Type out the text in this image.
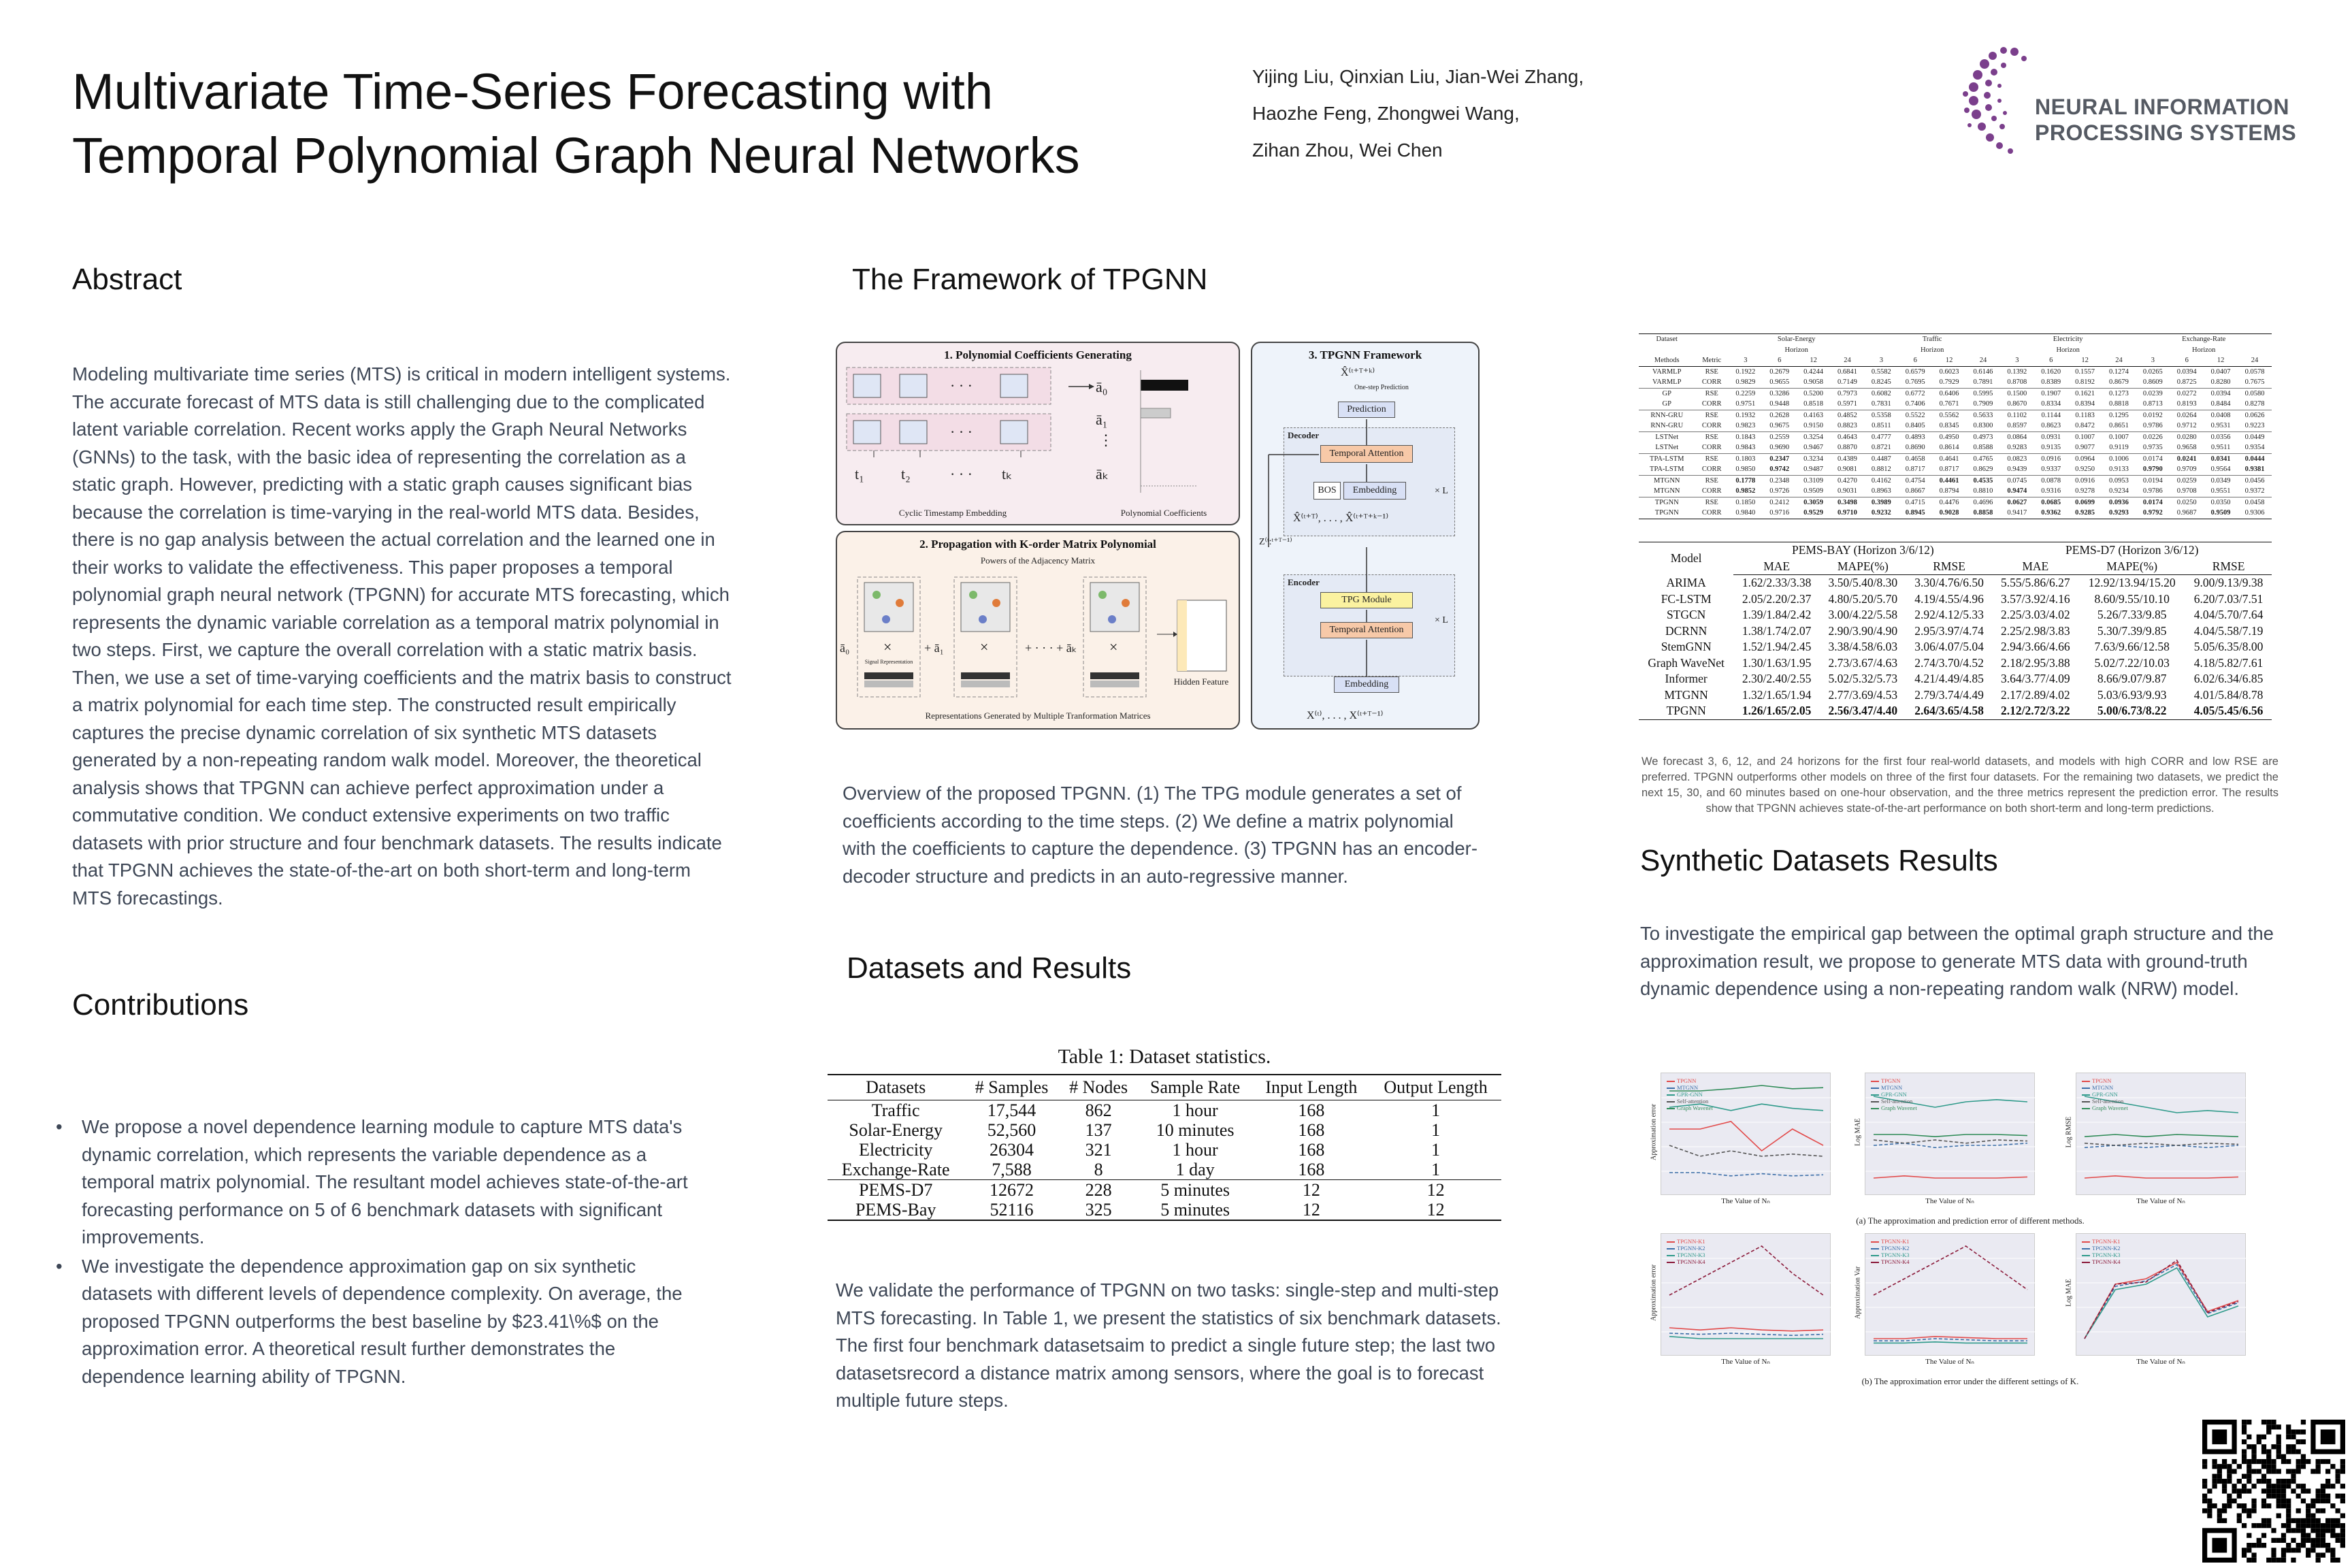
Multivariate Time-Series Forecasting with
Temporal Polynomial Graph Neural Networks
Yijing Liu, Qinxian Liu, Jian-Wei Zhang,
Haozhe Feng, Zhongwei Wang,
Zihan Zhou, Wei Chen
NEURAL INFORMATION
PROCESSING SYSTEMS
Abstract
Modeling multivariate time series (MTS) is critical in modern intelligent systems. The accurate forecast of MTS data is still challenging due to the complicated latent variable correlation. Recent works apply the Graph Neural Networks (GNNs) to the task, with the basic idea of representing the correlation as a static graph. However, predicting with a static graph causes significant bias because the correlation is time-varying in the real-world MTS data. Besides, there is no gap analysis between the actual correlation and the learned one in their works to validate the effectiveness. This paper proposes a temporal polynomial graph neural network (TPGNN) for accurate MTS forecasting, which represents the dynamic variable correlation as a temporal matrix polynomial in two steps. First, we capture the overall correlation with a static matrix basis. Then, we use a set of time-varying coefficients and the matrix basis to construct a matrix polynomial for each time step. The constructed result empirically captures the precise dynamic correlation of six synthetic MTS datasets generated by a non-repeating random walk model. Moreover, the theoretical analysis shows that TPGNN can achieve perfect approximation under a commutative condition. We conduct extensive experiments on two traffic datasets with prior structure and four benchmark datasets. The results indicate that TPGNN achieves the state-of-the-art on both short-term and long-term MTS forecastings.
Contributions
• We propose a novel dependence learning module to capture MTS data's dynamic correlation, which represents the variable dependence as a temporal matrix polynomial. The resultant model achieves state-of-the-art forecasting performance on 5 of 6 benchmark datasets with significant improvements.
• We investigate the dependence approximation gap on six synthetic datasets with different levels of dependence complexity. On average, the proposed TPGNN outperforms the best baseline by $23.41\%$ on the approximation error. A theoretical result further demonstrates the dependence learning ability of TPGNN.
The Framework of TPGNN
1. Polynomial Coefficients Generating
· · ·
· · ·
t₁ t₂	· · · tₖ
ā₀
ā₁
⋮
āₖ
Cyclic Timestamp Embedding	Polynomial Coefficients
2. Propagation with K-order Matrix Polynomial
Powers of the Adjacency Matrix
×	×	×
ā₀	+ ā₁	+ · · · + āₖ
Signal Representation
Hidden Feature
Representations Generated by Multiple Tranformation Matrices
3. TPGNN Framework
One-step Prediction
Prediction
Decoder
Temporal Attention
BOS	Embedding	× L
Encoder
TPG Module
Temporal Attention
× L
Embedding
X̂⁽ᵗ⁺ᵀ⁺ᵏ⁾
X̂⁽ᵗ⁺ᵀ⁾, . . . , X̂⁽ᵗ⁺ᵀ⁺ᵏ⁻¹⁾
X⁽ᵗ⁾, . . . , X⁽ᵗ⁺ᵀ⁻¹⁾
Z⁽ᵗ:ᵗ⁺ᵀ⁻¹⁾
Overview of the proposed TPGNN. (1) The TPG module generates a set of coefficients according to the time steps. (2) We define a matrix polynomial with the coefficients to capture the dependence. (3) TPGNN has an encoder-decoder structure and predicts in an auto-regressive manner.
Datasets and Results
Table 1: Dataset statistics.
Datasets	# Samples	# Nodes	Sample Rate	Input Length	Output Length
Traffic	17,544	862	1 hour	168	1
Solar-Energy	52,560	137	10 minutes	168	1
Electricity	26304	321	1 hour	168	1
Exchange-Rate	7,588	8	1 day	168	1
PEMS-D7	12672	228	5 minutes	12	12
PEMS-Bay	52116	325	5 minutes	12	12
We validate the performance of TPGNN on two tasks: single-step and multi-step MTS forecasting. In Table 1, we present the statistics of six benchmark datasets. The first four benchmark datasetsaim to predict a single future step; the last two datasetsrecord a distance matrix among sensors, where the goal is to forecast multiple future steps.
Dataset		Solar-Energy				Traffic				Electricity				Exchange-Rate			
		Horizon				Horizon				Horizon				Horizon			
Methods	Metric	3	6	12	24	3	6	12	24	3	6	12	24	3	6	12	24
VARMLP	RSE	0.1922	0.2679	0.4244	0.6841	0.5582	0.6579	0.6023	0.6146	0.1392	0.1620	0.1557	0.1274	0.0265	0.0394	0.0407	0.0578
VARMLP	CORR	0.9829	0.9655	0.9058	0.7149	0.8245	0.7695	0.7929	0.7891	0.8708	0.8389	0.8192	0.8679	0.8609	0.8725	0.8280	0.7675
GP	RSE	0.2259	0.3286	0.5200	0.7973	0.6082	0.6772	0.6406	0.5995	0.1500	0.1907	0.1621	0.1273	0.0239	0.0272	0.0394	0.0580
GP	CORR	0.9751	0.9448	0.8518	0.5971	0.7831	0.7406	0.7671	0.7909	0.8670	0.8334	0.8394	0.8818	0.8713	0.8193	0.8484	0.8278
RNN-GRU	RSE	0.1932	0.2628	0.4163	0.4852	0.5358	0.5522	0.5562	0.5633	0.1102	0.1144	0.1183	0.1295	0.0192	0.0264	0.0408	0.0626
RNN-GRU	CORR	0.9823	0.9675	0.9150	0.8823	0.8511	0.8405	0.8345	0.8300	0.8597	0.8623	0.8472	0.8651	0.9786	0.9712	0.9531	0.9223
LSTNet	RSE	0.1843	0.2559	0.3254	0.4643	0.4777	0.4893	0.4950	0.4973	0.0864	0.0931	0.1007	0.1007	0.0226	0.0280	0.0356	0.0449
LSTNet	CORR	0.9843	0.9690	0.9467	0.8870	0.8721	0.8690	0.8614	0.8588	0.9283	0.9135	0.9077	0.9119	0.9735	0.9658	0.9511	0.9354
TPA-LSTM	RSE	0.1803	0.2347	0.3234	0.4389	0.4487	0.4658	0.4641	0.4765	0.0823	0.0916	0.0964	0.1006	0.0174	0.0241	0.0341	0.0444
TPA-LSTM	CORR	0.9850	0.9742	0.9487	0.9081	0.8812	0.8717	0.8717	0.8629	0.9439	0.9337	0.9250	0.9133	0.9790	0.9709	0.9564	0.9381
MTGNN	RSE	0.1778	0.2348	0.3109	0.4270	0.4162	0.4754	0.4461	0.4535	0.0745	0.0878	0.0916	0.0953	0.0194	0.0259	0.0349	0.0456
MTGNN	CORR	0.9852	0.9726	0.9509	0.9031	0.8963	0.8667	0.8794	0.8810	0.9474	0.9316	0.9278	0.9234	0.9786	0.9708	0.9551	0.9372
TPGNN	RSE	0.1850	0.2412	0.3059	0.3498	0.3989	0.4715	0.4476	0.4696	0.0627	0.0685	0.0699	0.0936	0.0174	0.0250	0.0350	0.0458
TPGNN	CORR	0.9840	0.9716	0.9529	0.9710	0.9232	0.8945	0.9028	0.8858	0.9417	0.9362	0.9285	0.9293	0.9792	0.9687	0.9509	0.9306
Model	PEMS-BAY (Horizon 3/6/12)			PEMS-D7 (Horizon 3/6/12)		
	MAE	MAPE(%)	RMSE	MAE	MAPE(%)	RMSE
ARIMA	1.62/2.33/3.38	3.50/5.40/8.30	3.30/4.76/6.50	5.55/5.86/6.27	12.92/13.94/15.20	9.00/9.13/9.38
FC-LSTM	2.05/2.20/2.37	4.80/5.20/5.70	4.19/4.55/4.96	3.57/3.92/4.16	8.60/9.55/10.10	6.20/7.03/7.51
STGCN	1.39/1.84/2.42	3.00/4.22/5.58	2.92/4.12/5.33	2.25/3.03/4.02	5.26/7.33/9.85	4.04/5.70/7.64
DCRNN	1.38/1.74/2.07	2.90/3.90/4.90	2.95/3.97/4.74	2.25/2.98/3.83	5.30/7.39/9.85	4.04/5.58/7.19
StemGNN	1.52/1.94/2.45	3.38/4.58/6.03	3.06/4.07/5.04	2.94/3.66/4.66	7.63/9.66/12.58	5.05/6.35/8.00
Graph WaveNet	1.30/1.63/1.95	2.73/3.67/4.63	2.74/3.70/4.52	2.18/2.95/3.88	5.02/7.22/10.03	4.18/5.82/7.61
Informer	2.30/2.40/2.55	5.02/5.32/5.73	4.21/4.49/4.85	3.64/3.77/4.09	8.66/9.07/9.87	6.02/6.34/6.85
MTGNN	1.32/1.65/1.94	2.77/3.69/4.53	2.79/3.74/4.49	2.17/2.89/4.02	5.03/6.93/9.93	4.01/5.84/8.78
TPGNN	1.26/1.65/2.05	2.56/3.47/4.40	2.64/3.65/4.58	2.12/2.72/3.22	5.00/6.73/8.22	4.05/5.45/6.56
We forecast 3, 6, 12, and 24 horizons for the first four real-world datasets, and models with high CORR and low RSE are preferred. TPGNN outperforms other models on three of the first four datasets. For the remaining two datasets, we predict the next 15, 30, and 60 minutes based on one-hour observation, and the three metrics represent the prediction error. The results show that TPGNN achieves state-of-the-art performance on both short-term and long-term predictions.
Synthetic Datasets Results
To investigate the empirical gap between the optimal graph structure and the approximation result, we propose to generate MTS data with ground-truth dynamic dependence using a non-repeating random walk (NRW) model.
TPGNN
MTGNN
GPR-GNN
Self-attention
Graph Wavenet
The Value of Nₙ
Approximation error
TPGNN
MTGNN
GPR-GNN
Self-attention
Graph Wavenet
The Value of Nₙ
Log MAE
TPGNN
MTGNN
GPR-GNN
Self-attention
Graph Wavenet
The Value of Nₙ
Log RMSE
TPGNN-K1
TPGNN-K2
TPGNN-K3
TPGNN-K4
The Value of Nₙ
Approximation error
TPGNN-K1
TPGNN-K2
TPGNN-K3
TPGNN-K4
The Value of Nₙ
Approximation Var
TPGNN-K1
TPGNN-K2
TPGNN-K3
TPGNN-K4
The Value of Nₙ
Log MAE
(a) The approximation and prediction error of different methods.
(b) The approximation error under the different settings of K.
